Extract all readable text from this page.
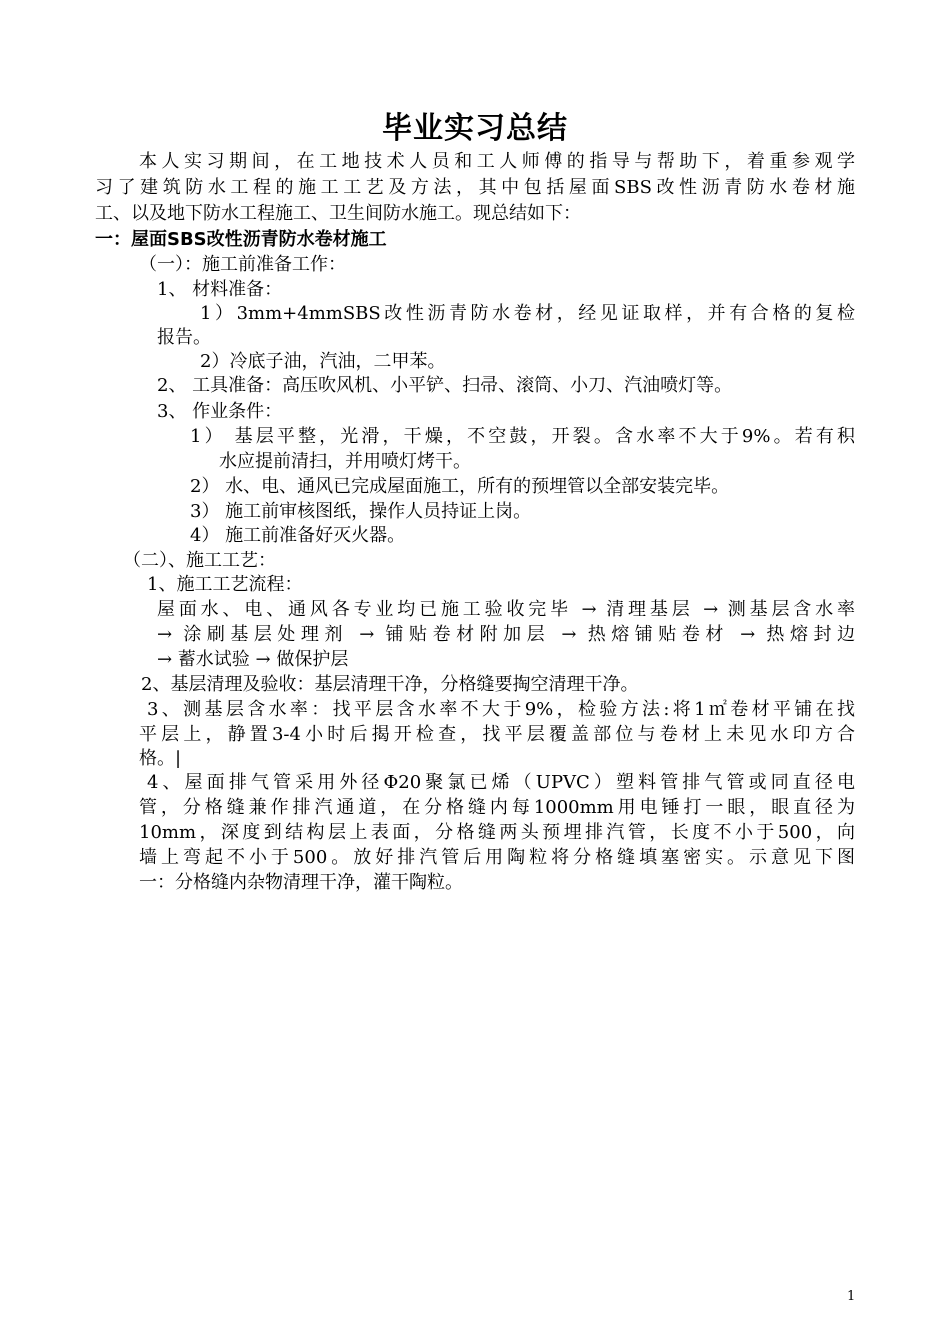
毕业实习总结
本人实习期间，在工地技术人员和工人师傅的指导与帮助下，着重参观学
习了建筑防水工程的施工工艺及方法，其中包括屋面SBS改性沥青防水卷材施
工、以及地下防水工程施工、卫生间防水施工。现总结如下：
一：屋面SBS改性沥青防水卷材施工
（一）：施工前准备工作：
1、 材料准备：
1）3mm+4mmSBS改性沥青防水卷材，经见证取样，并有合格的复检
报告。
2）冷底子油，汽油，二甲苯。
2、 工具准备：高压吹风机、小平铲、扫帚、滚筒、小刀、汽油喷灯等。
3、 作业条件：
1） 基层平整，光滑，干燥，不空鼓，开裂。含水率不大于9%。若有积
水应提前清扫，并用喷灯烤干。
2） 水、电、通风已完成屋面施工，所有的预埋管以全部安装完毕。
3） 施工前审核图纸，操作人员持证上岗。
4） 施工前准备好灭火器。
（二）、施工工艺：
1、施工工艺流程：
屋面水、电、通风各专业均已施工验收完毕 → 清理基层 → 测基层含水率
→ 涂刷基层处理剂 → 铺贴卷材附加层 → 热熔铺贴卷材 → 热熔封边
→ 蓄水试验 → 做保护层
2、基层清理及验收：基层清理干净，分格缝要掏空清理干净。
3、测基层含水率：找平层含水率不大于9%，检验方法:将1㎡卷材平铺在找
平层上，静置3-4小时后揭开检查，找平层覆盖部位与卷材上未见水印方合
格。|
4、屋面排气管采用外径Φ20聚氯已烯（UPVC）塑料管排气管或同直径电
管，分格缝兼作排汽通道，在分格缝内每1000mm用电锤打一眼，眼直径为
10mm，深度到结构层上表面，分格缝两头预埋排汽管，长度不小于500，向
墙上弯起不小于500。放好排汽管后用陶粒将分格缝填塞密实。示意见下图
一：分格缝内杂物清理干净，灌干陶粒。
1
